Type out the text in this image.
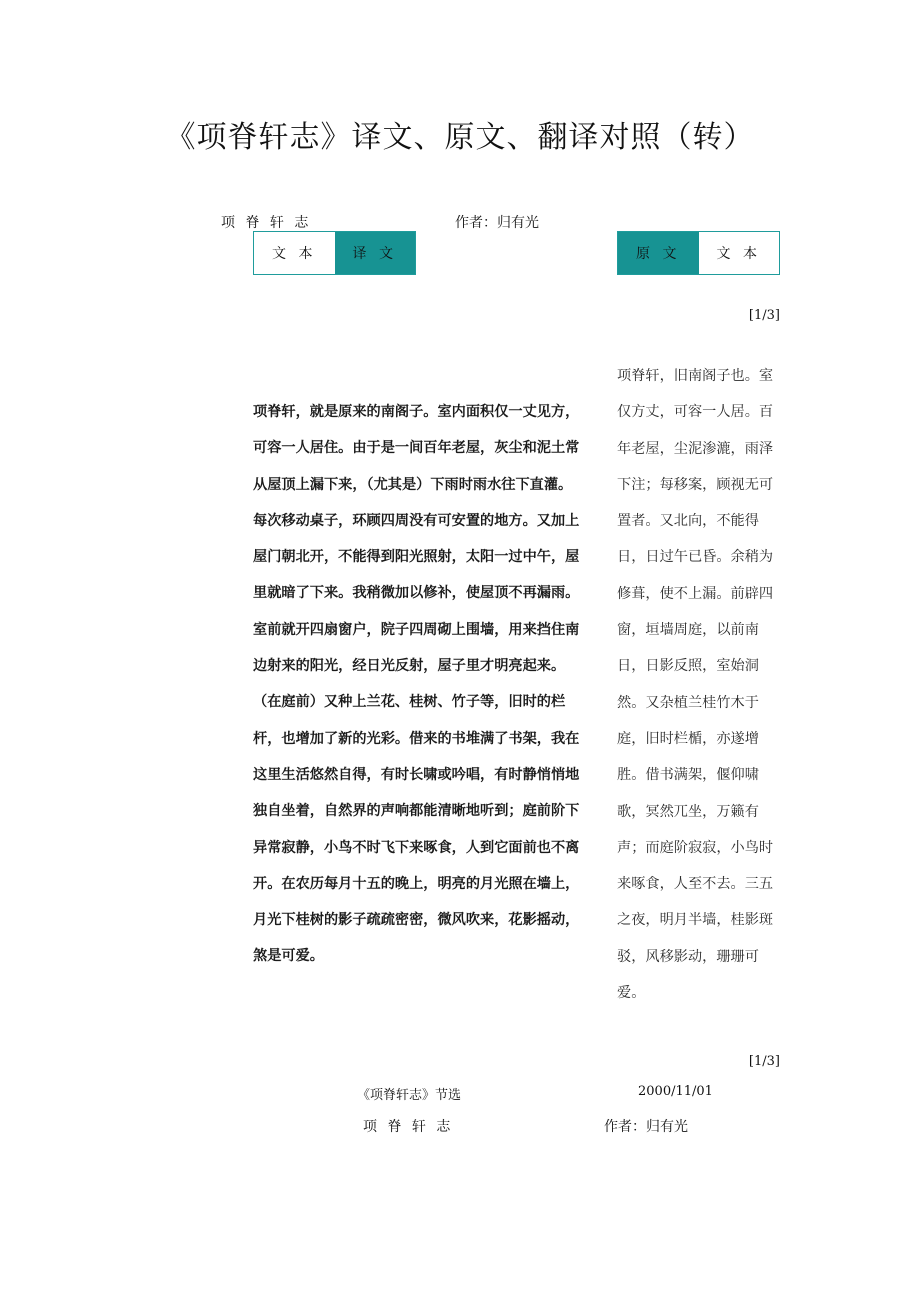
《项脊轩志》译文、原文、翻译对照（转）
项 脊 轩 志	作者：归有光
文 本	译 文	原 文	文 本
[1/3]
项脊轩，就是原来的南阁子。室内面积仅一丈见方，
可容一人居住。由于是一间百年老屋，灰尘和泥土常
从屋顶上漏下来，（尤其是）下雨时雨水往下直灌。
每次移动桌子，环顾四周没有可安置的地方。又加上
屋门朝北开，不能得到阳光照射，太阳一过中午，屋
里就暗了下来。我稍微加以修补，使屋顶不再漏雨。
室前就开四扇窗户，院子四周砌上围墙，用来挡住南
边射来的阳光，经日光反射，屋子里才明亮起来。
（在庭前）又种上兰花、桂树、竹子等，旧时的栏
杆，也增加了新的光彩。借来的书堆满了书架，我在
这里生活悠然自得，有时长啸或吟唱，有时静悄悄地
独自坐着，自然界的声响都能清晰地听到；庭前阶下
异常寂静，小鸟不时飞下来啄食，人到它面前也不离
开。在农历每月十五的晚上，明亮的月光照在墙上，
月光下桂树的影子疏疏密密，微风吹来，花影摇动，
煞是可爱。
项脊轩，旧南阁子也。室
仅方丈，可容一人居。百
年老屋，尘泥渗漉，雨泽
下注；每移案，顾视无可
置者。又北向，不能得
日，日过午已昏。余稍为
修葺，使不上漏。前辟四
窗，垣墙周庭，以前南
日，日影反照，室始洞
然。又杂植兰桂竹木于
庭，旧时栏楯，亦遂增
胜。借书满架，偃仰啸
歌，冥然兀坐，万籁有
声；而庭阶寂寂，小鸟时
来啄食，人至不去。三五
之夜，明月半墙，桂影斑
驳，风移影动，珊珊可
爱。
[1/3]
《项脊轩志》节选	2000/11/01
项 脊 轩 志	作者：归有光
